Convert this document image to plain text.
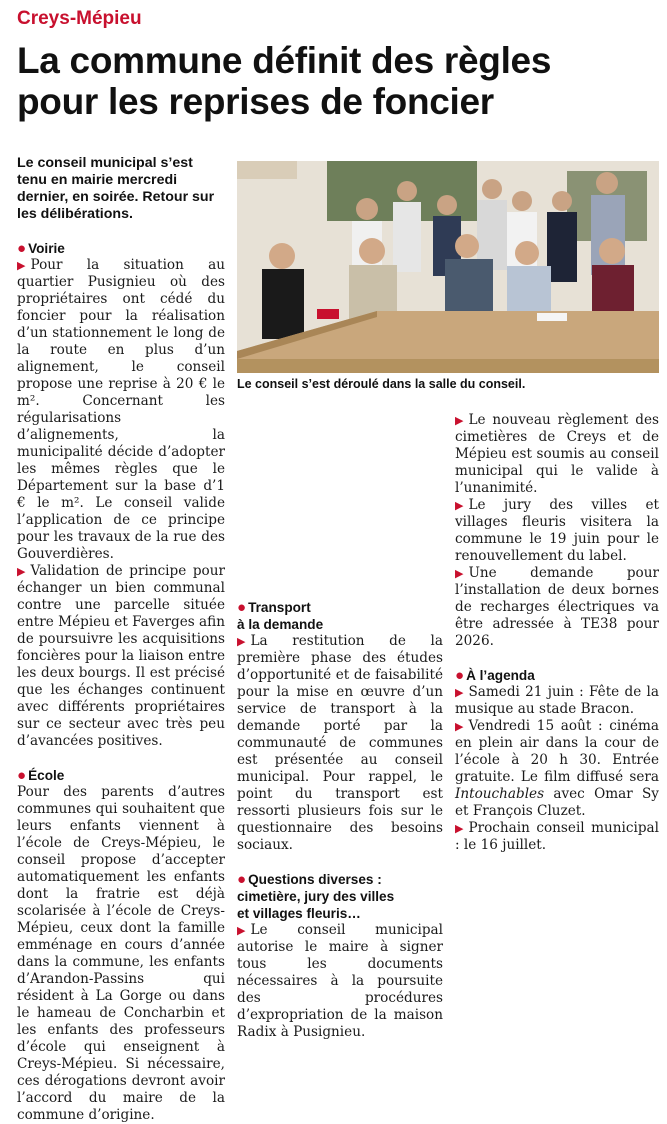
Creys-Mépieu
La commune définit des règles
pour les reprises de foncier
Le conseil municipal s’est tenu en mairie mercredi dernier, en soirée. Retour sur les délibérations.
Le conseil s’est déroulé dans la salle du conseil.

● Voirie

▶ Pour la situation au quartier Pusignieu où des propriétaires ont cédé du foncier pour la réalisation d’un stationnement le long de la route en plus d’un alignement, le conseil propose une reprise à 20 € le m². Concernant les régularisations d’alignements, la municipalité décide d’adopter les mêmes règles que le Département sur la base d’1 € le m². Le conseil valide l’application de ce principe pour les travaux de la rue des Gouverdières.

▶ Validation de principe pour échanger un bien communal contre une parcelle située entre Mépieu et Faverges afin de poursuivre les acquisitions foncières pour la liaison entre les deux bourgs. Il est précisé que les échanges continuent avec différents propriétaires sur ce secteur avec très peu d’avancées positives.

● École

Pour des parents d’autres communes qui souhaitent que leurs enfants viennent à l’école de Creys-Mépieu, le conseil propose d’accepter automatiquement les enfants dont la fratrie est déjà scolarisée à l’école de Creys-Mépieu, ceux dont la famille emménage en cours d’année dans la commune, les enfants d’Arandon-Passins qui résident à La Gorge ou dans le hameau de Concharbin et les enfants des professeurs d’école qui enseignent à Creys-Mépieu. Si nécessaire, ces dérogations devront avoir l’accord du maire de la commune d’origine.

● Transport
à la demande

▶ La restitution de la première phase des études d’opportunité et de faisabilité pour la mise en œuvre d’un service de transport à la demande porté par la communauté de communes est présentée au conseil municipal. Pour rappel, le point du transport est ressorti plusieurs fois sur le questionnaire des besoins sociaux.

● Questions diverses :
cimetière, jury des villes
et villages fleuris…

▶ Le conseil municipal autorise le maire à signer tous les documents nécessaires à la poursuite des procédures d’expropriation de la maison Radix à Pusignieu.

▶ Le nouveau règlement des cimetières de Creys et de Mépieu est soumis au conseil municipal qui le valide à l’unanimité.

▶ Le jury des villes et villages fleuris visitera la commune le 19 juin pour le renouvellement du label.

▶ Une demande pour l’installation de deux bornes de recharges électriques va être adressée à TE38 pour 2026.

● À l’agenda

▶ Samedi 21 juin : Fête de la musique au stade Bracon.

▶ Vendredi 15 août : cinéma en plein air dans la cour de l’école à 20 h 30. Entrée gratuite. Le film diffusé sera Intouchables avec Omar Sy et François Cluzet.

▶ Prochain conseil municipal : le 16 juillet.
